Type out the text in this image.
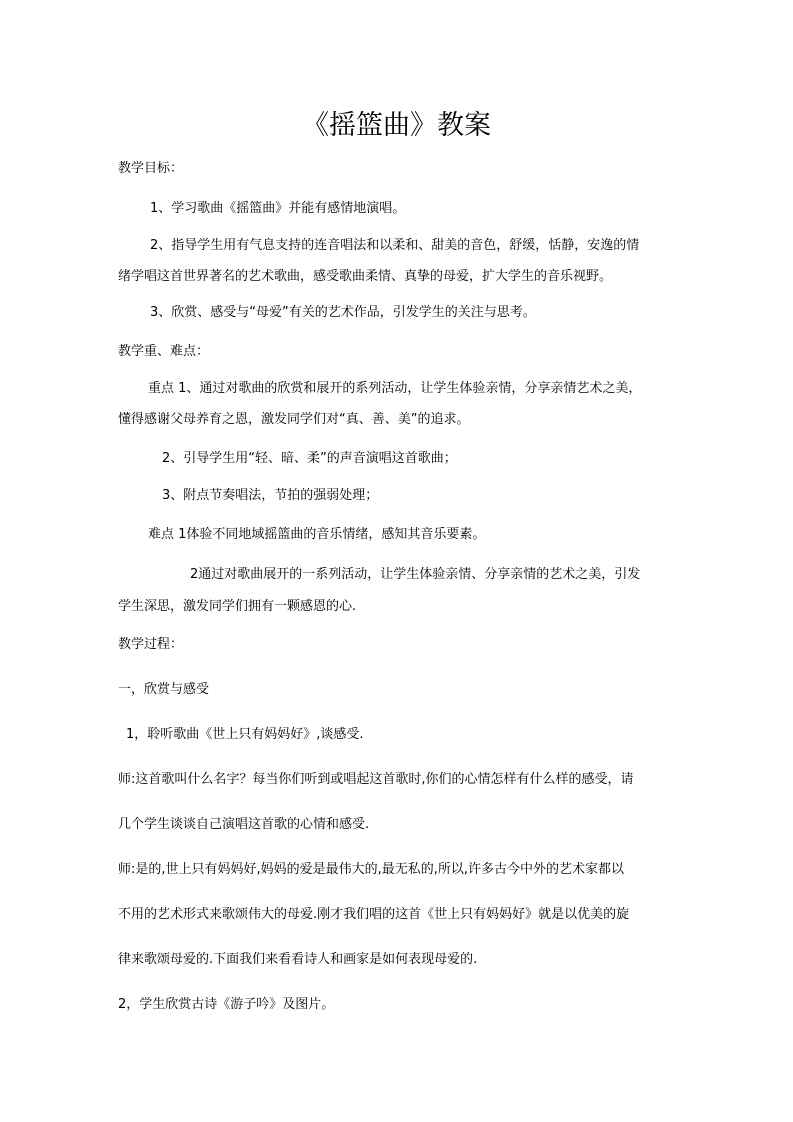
《摇篮曲》教案
教学目标：
1、学习歌曲《摇篮曲》并能有感情地演唱。
2、指导学生用有气息支持的连音唱法和以柔和、甜美的音色，舒缓，恬静，安逸的情
绪学唱这首世界著名的艺术歌曲，感受歌曲柔情、真挚的母爱，扩大学生的音乐视野。
3、欣赏、感受与“母爱”有关的艺术作品，引发学生的关注与思考。
教学重、难点：
重点 1、通过对歌曲的欣赏和展开的系列活动，让学生体验亲情，分享亲情艺术之美，
懂得感谢父母养育之恩，激发同学们对“真、善、美”的追求。
2、引导学生用“轻、暗、柔”的声音演唱这首歌曲；
3、附点节奏唱法，节拍的强弱处理；
难点 1体验不同地域摇篮曲的音乐情绪，感知其音乐要素。
2通过对歌曲展开的一系列活动，让学生体验亲情、分享亲情的艺术之美，引发
学生深思，激发同学们拥有一颗感恩的心.
教学过程：
一，欣赏与感受
1，聆听歌曲《世上只有妈妈好》,谈感受.
师:这首歌叫什么名字？每当你们听到或唱起这首歌时,你们的心情怎样有什么样的感受，请
几个学生谈谈自己演唱这首歌的心情和感受.
师:是的,世上只有妈妈好,妈妈的爱是最伟大的,最无私的,所以,许多古今中外的艺术家都以
不用的艺术形式来歌颂伟大的母爱.刚才我们唱的这首《世上只有妈妈好》就是以优美的旋
律来歌颂母爱的.下面我们来看看诗人和画家是如何表现母爱的.
2，学生欣赏古诗《游子吟》及图片。
